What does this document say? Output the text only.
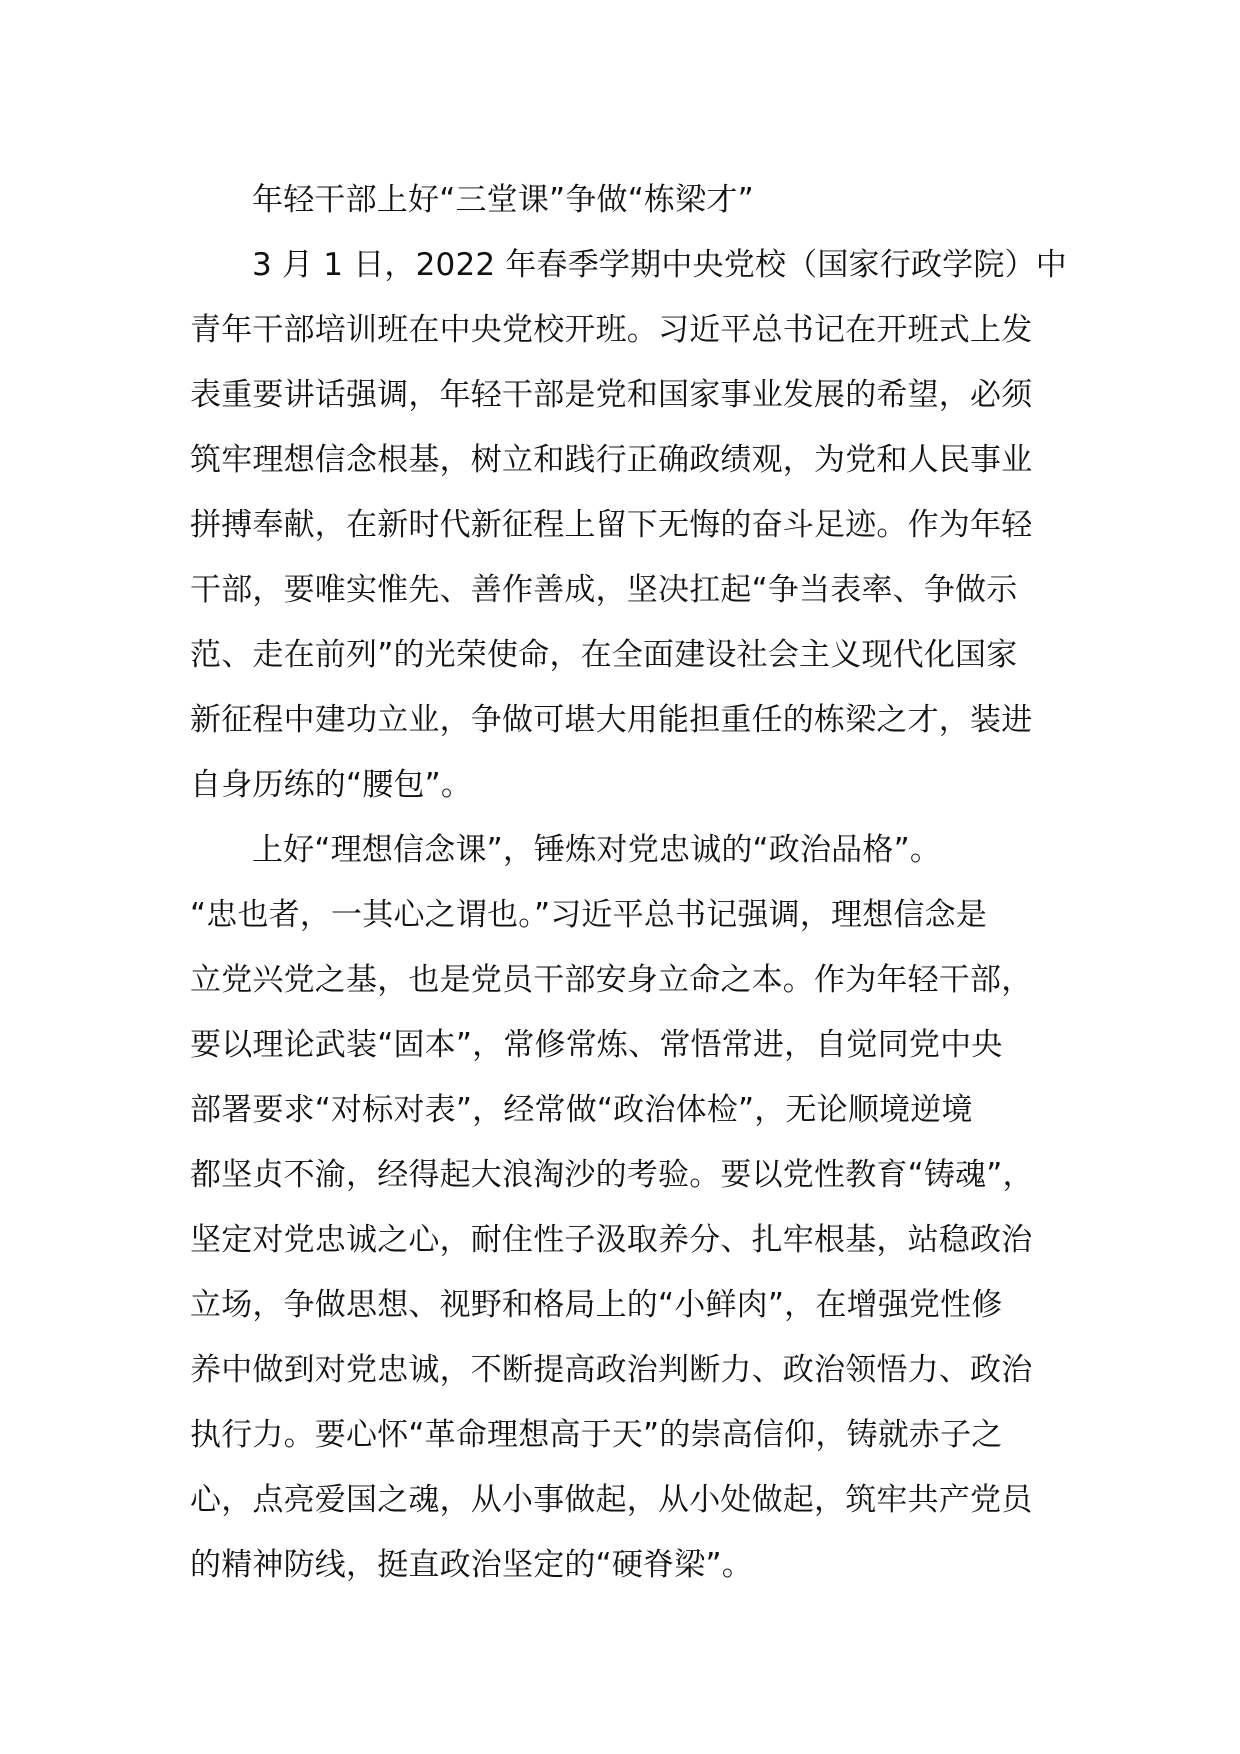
年轻干部上好“三堂课”争做“栋梁才”
3 月 1 日，2022 年春季学期中央党校（国家行政学院）中
青年干部培训班在中央党校开班。习近平总书记在开班式上发
表重要讲话强调，年轻干部是党和国家事业发展的希望，必须
筑牢理想信念根基，树立和践行正确政绩观，为党和人民事业
拼搏奉献，在新时代新征程上留下无悔的奋斗足迹。作为年轻
干部，要唯实惟先、善作善成，坚决扛起“争当表率、争做示
范、走在前列”的光荣使命，在全面建设社会主义现代化国家
新征程中建功立业，争做可堪大用能担重任的栋梁之才，装进
自身历练的“腰包”。
上好“理想信念课”，锤炼对党忠诚的“政治品格”。
“忠也者，一其心之谓也。”习近平总书记强调，理想信念是
立党兴党之基，也是党员干部安身立命之本。作为年轻干部，
要以理论武装“固本”，常修常炼、常悟常进，自觉同党中央
部署要求“对标对表”，经常做“政治体检”，无论顺境逆境
都坚贞不渝，经得起大浪淘沙的考验。要以党性教育“铸魂”，
坚定对党忠诚之心，耐住性子汲取养分、扎牢根基，站稳政治
立场，争做思想、视野和格局上的“小鲜肉”，在增强党性修
养中做到对党忠诚，不断提高政治判断力、政治领悟力、政治
执行力。要心怀“革命理想高于天”的崇高信仰，铸就赤子之
心，点亮爱国之魂，从小事做起，从小处做起，筑牢共产党员
的精神防线，挺直政治坚定的“硬脊梁”。
